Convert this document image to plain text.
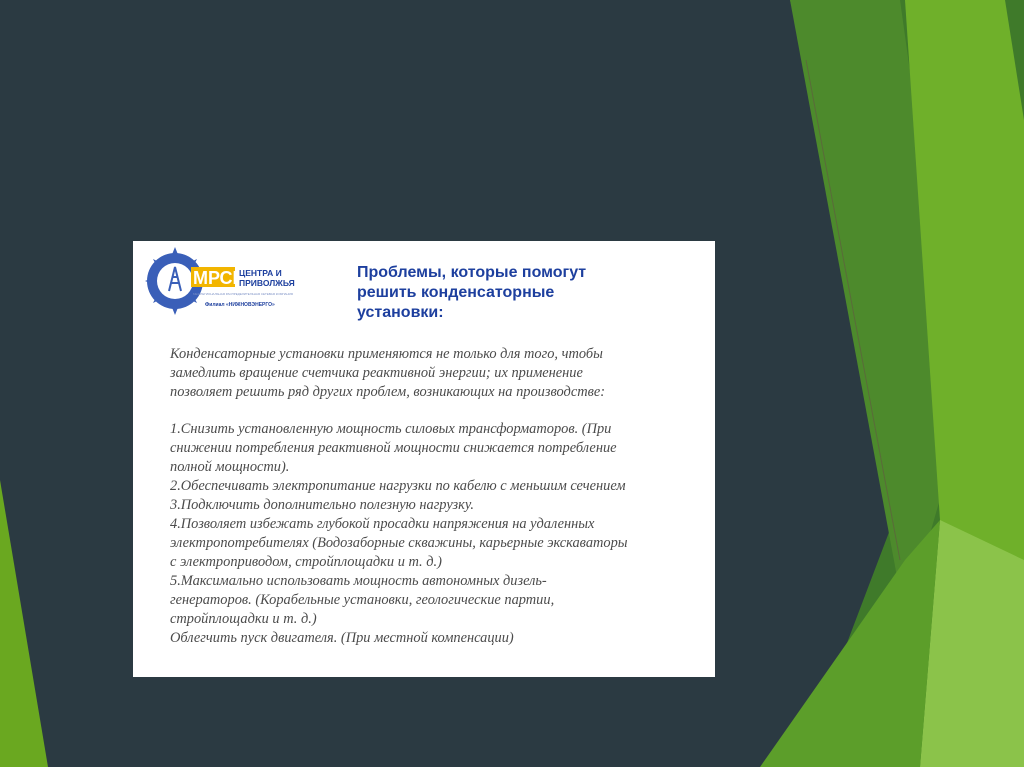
МРСК
ЦЕНТРА И
ПРИВОЛЖЬЯ
МЕЖРЕГИОНАЛЬНАЯ РАСПРЕДЕЛИТЕЛЬНАЯ СЕТЕВАЯ КОМПАНИЯ
Филиал «НИЖНОВЭНЕРГО»
Проблемы, которые помогут
решить конденсаторные
установки:

Конденсаторные установки применяются не только для того, чтобы

замедлить вращение счетчика реактивной энергии; их применение

позволяет решить ряд других проблем, возникающих на производстве:

1.Снизить установленную мощность силовых трансформаторов. (При

снижении потребления реактивной мощности снижается потребление

полной мощности).

2.Обеспечивать электропитание нагрузки по кабелю с меньшим сечением

3.Подключить дополнительно полезную нагрузку.

4.Позволяет избежать глубокой просадки напряжения на удаленных

электропотребителях (Водозаборные скважины, карьерные экскаваторы

с электроприводом, стройплощадки и т. д.)

5.Максимально использовать мощность автономных дизель-

генераторов. (Корабельные установки, геологические партии,

стройплощадки и т. д.)

Облегчить пуск двигателя. (При местной компенсации)
